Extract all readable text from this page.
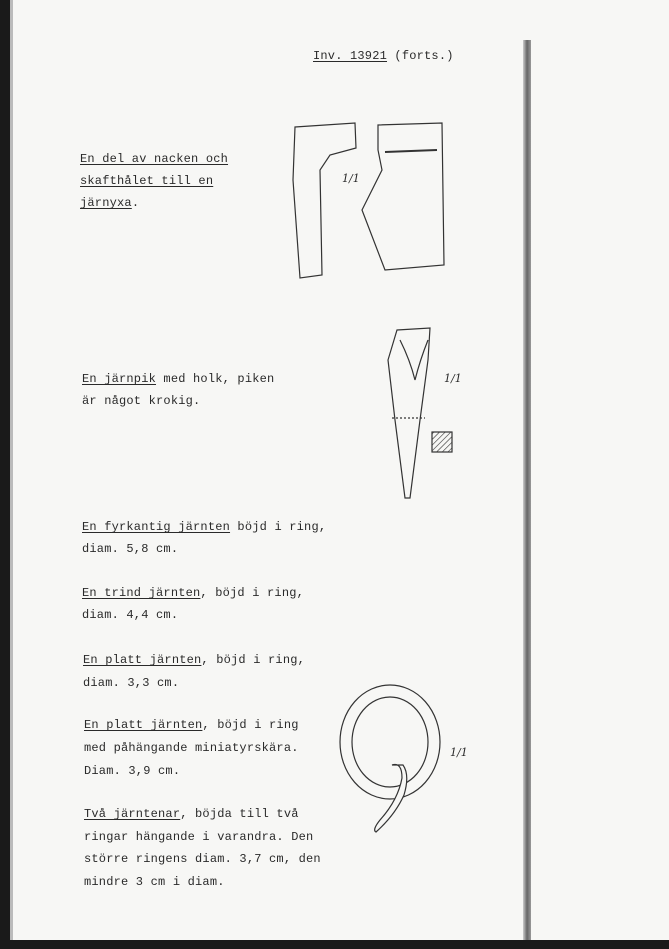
Inv. 13921 (forts.)
En del av nacken och
skafthålet till en
järnyxa.
1/1
En järnpik med holk, piken
är något krokig.
1/1
En fyrkantig järnten böjd i ring,
diam. 5,8 cm.
En trind järnten, böjd i ring,
diam. 4,4 cm.
En platt järnten, böjd i ring,
diam. 3,3 cm.
En platt järnten, böjd i ring
med påhängande miniatyrskära.
Diam. 3,9 cm.
1/1
Två järntenar, böjda till två
ringar hängande i varandra. Den
större ringens diam. 3,7 cm, den
mindre 3 cm i diam.
